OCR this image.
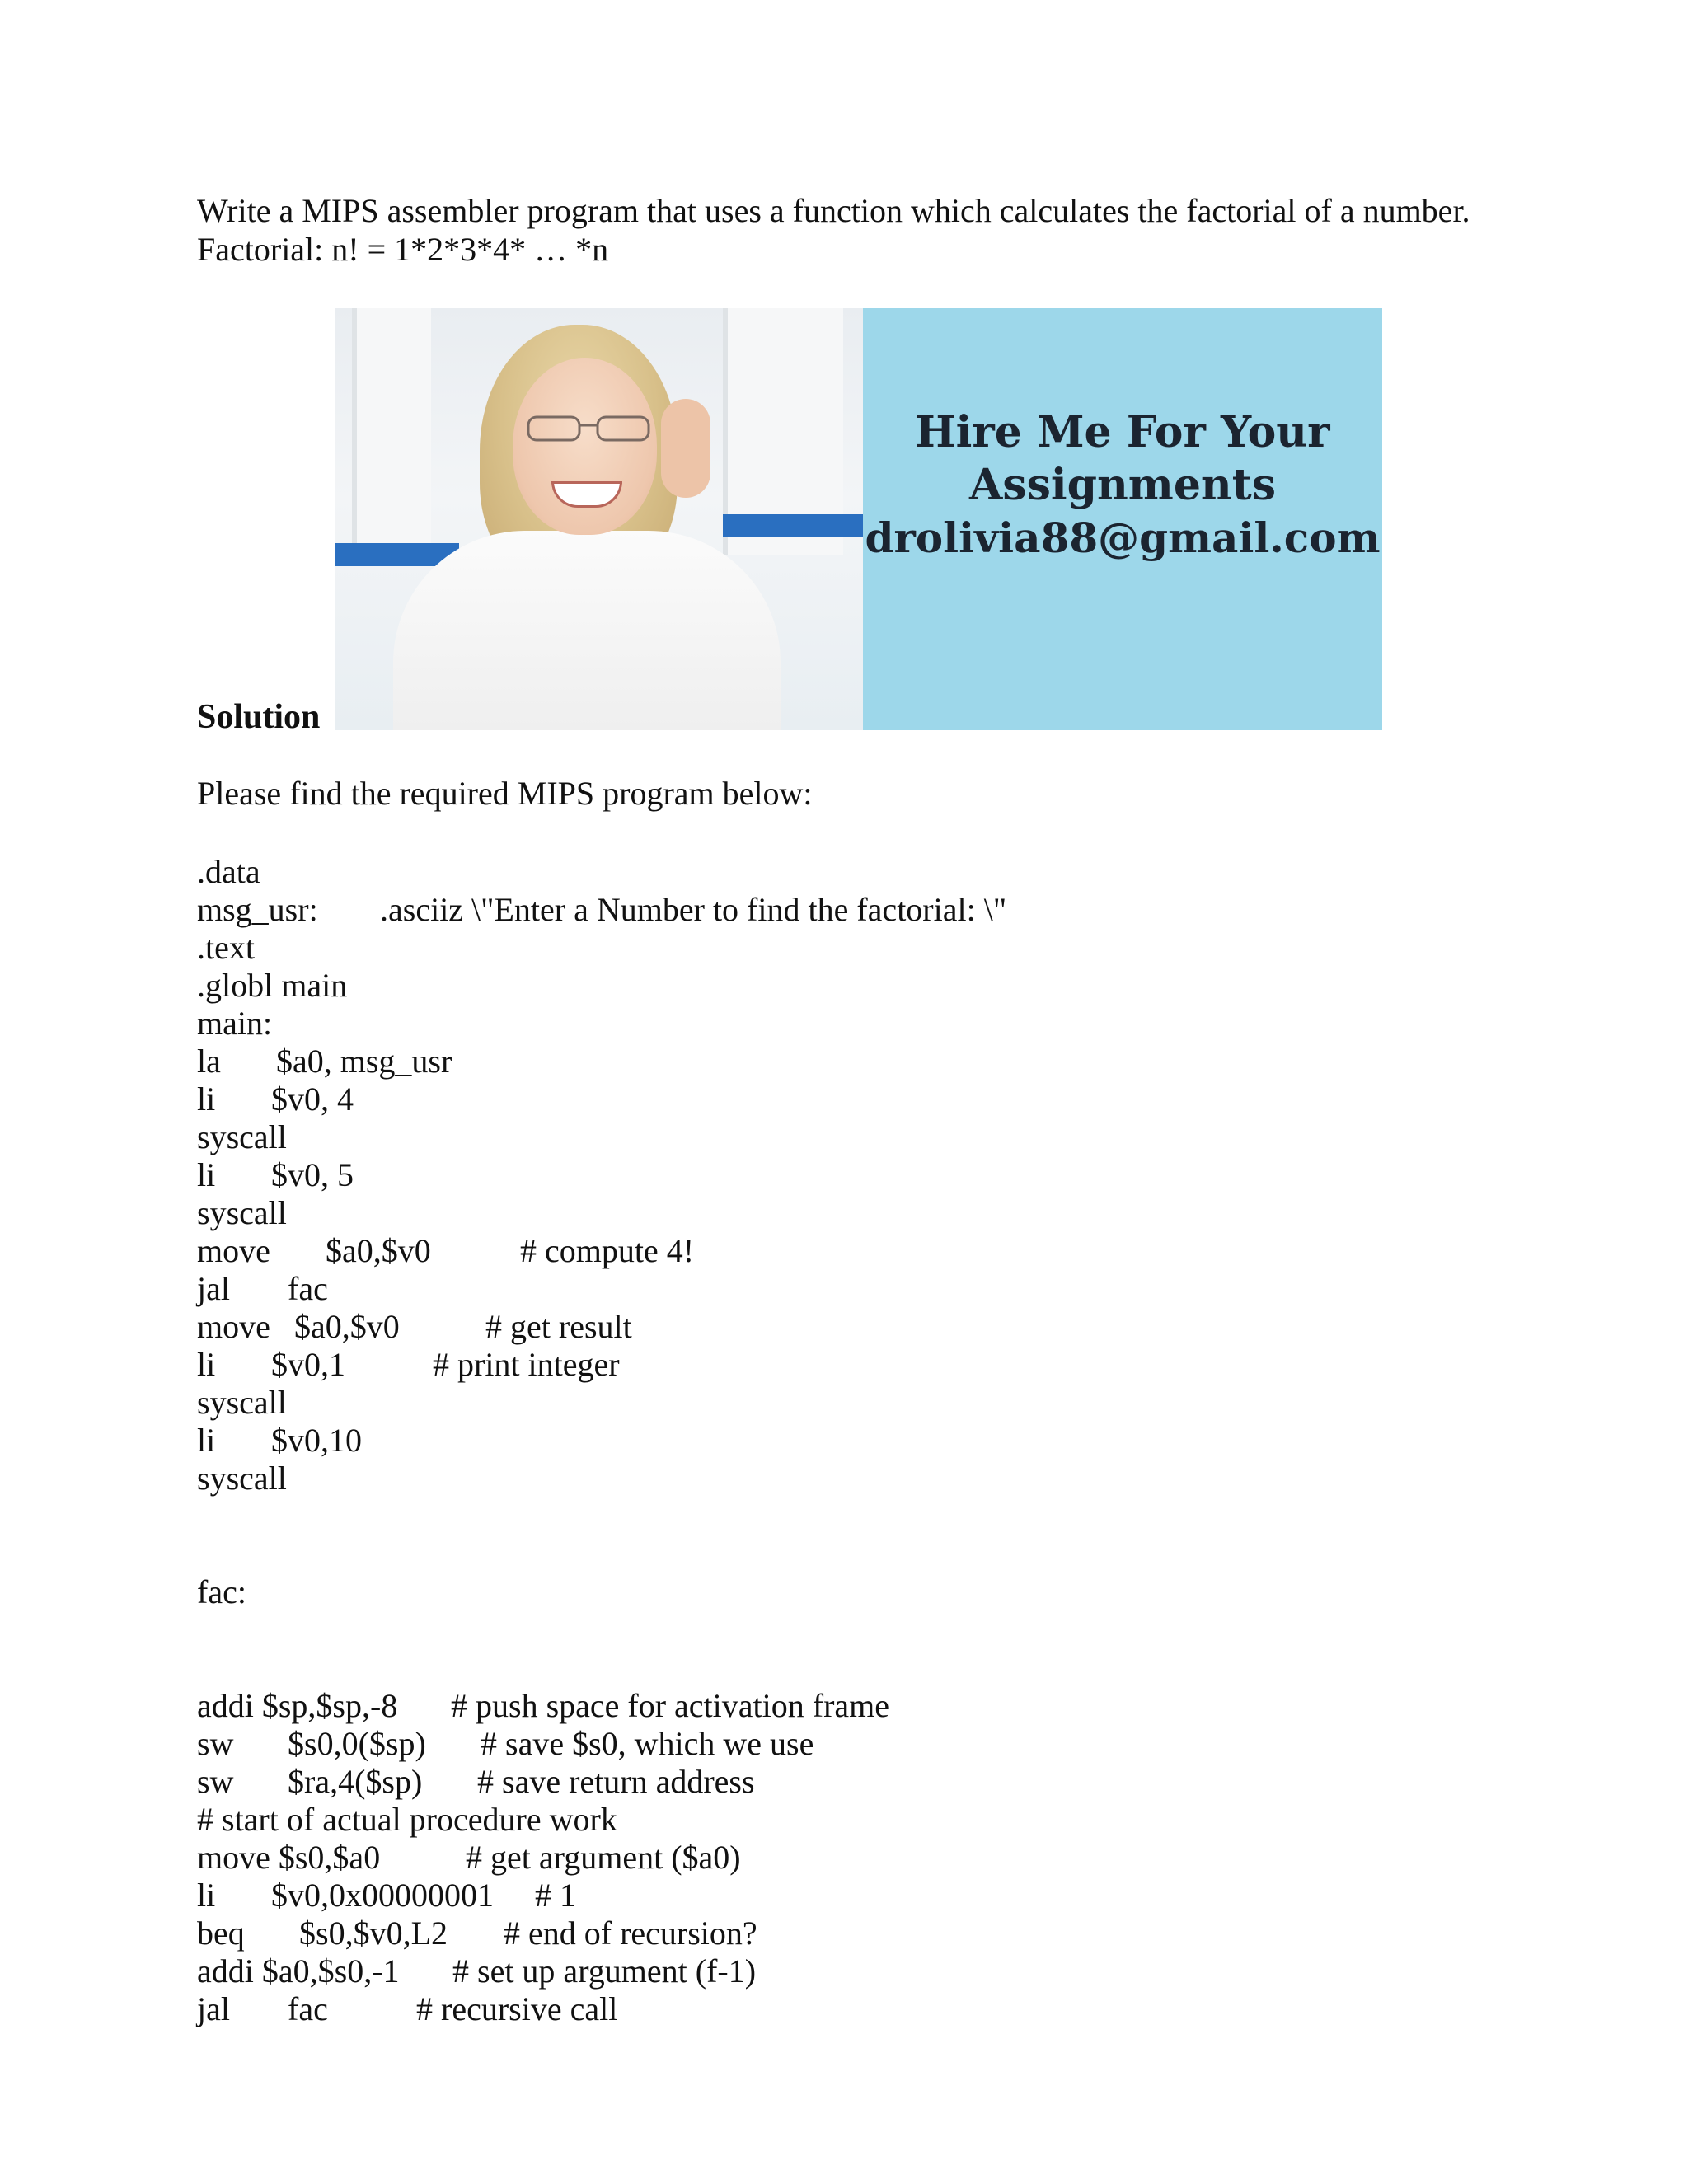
Write a MIPS assembler program that uses a function which calculates the factorial of a number.
Factorial: n! = 1*2*3*4* … *n
Hire Me For Your
Assignments
drolivia88@gmail.com
Solution
Please find the required MIPS program below:
.data
msg_usr: .asciiz \"Enter a Number to find the factorial: \"
.text
.globl main
main:
la $a0, msg_usr
li $v0, 4
syscall
li $v0, 5
syscall
move $a0,$v0	# compute 4!
jal fac
move $a0,$v0	# get result
li $v0,1	# print integer
syscall
li $v0,10
syscall
fac:
addi $sp,$sp,-8 # push space for activation frame
sw $s0,0($sp) # save $s0, which we use
sw $ra,4($sp) # save return address
# start of actual procedure work
move $s0,$a0	# get argument ($a0)
li $v0,0x00000001 # 1
beq $s0,$v0,L2 # end of recursion?
addi $a0,$s0,-1 # set up argument (f-1)
jal fac	# recursive call
